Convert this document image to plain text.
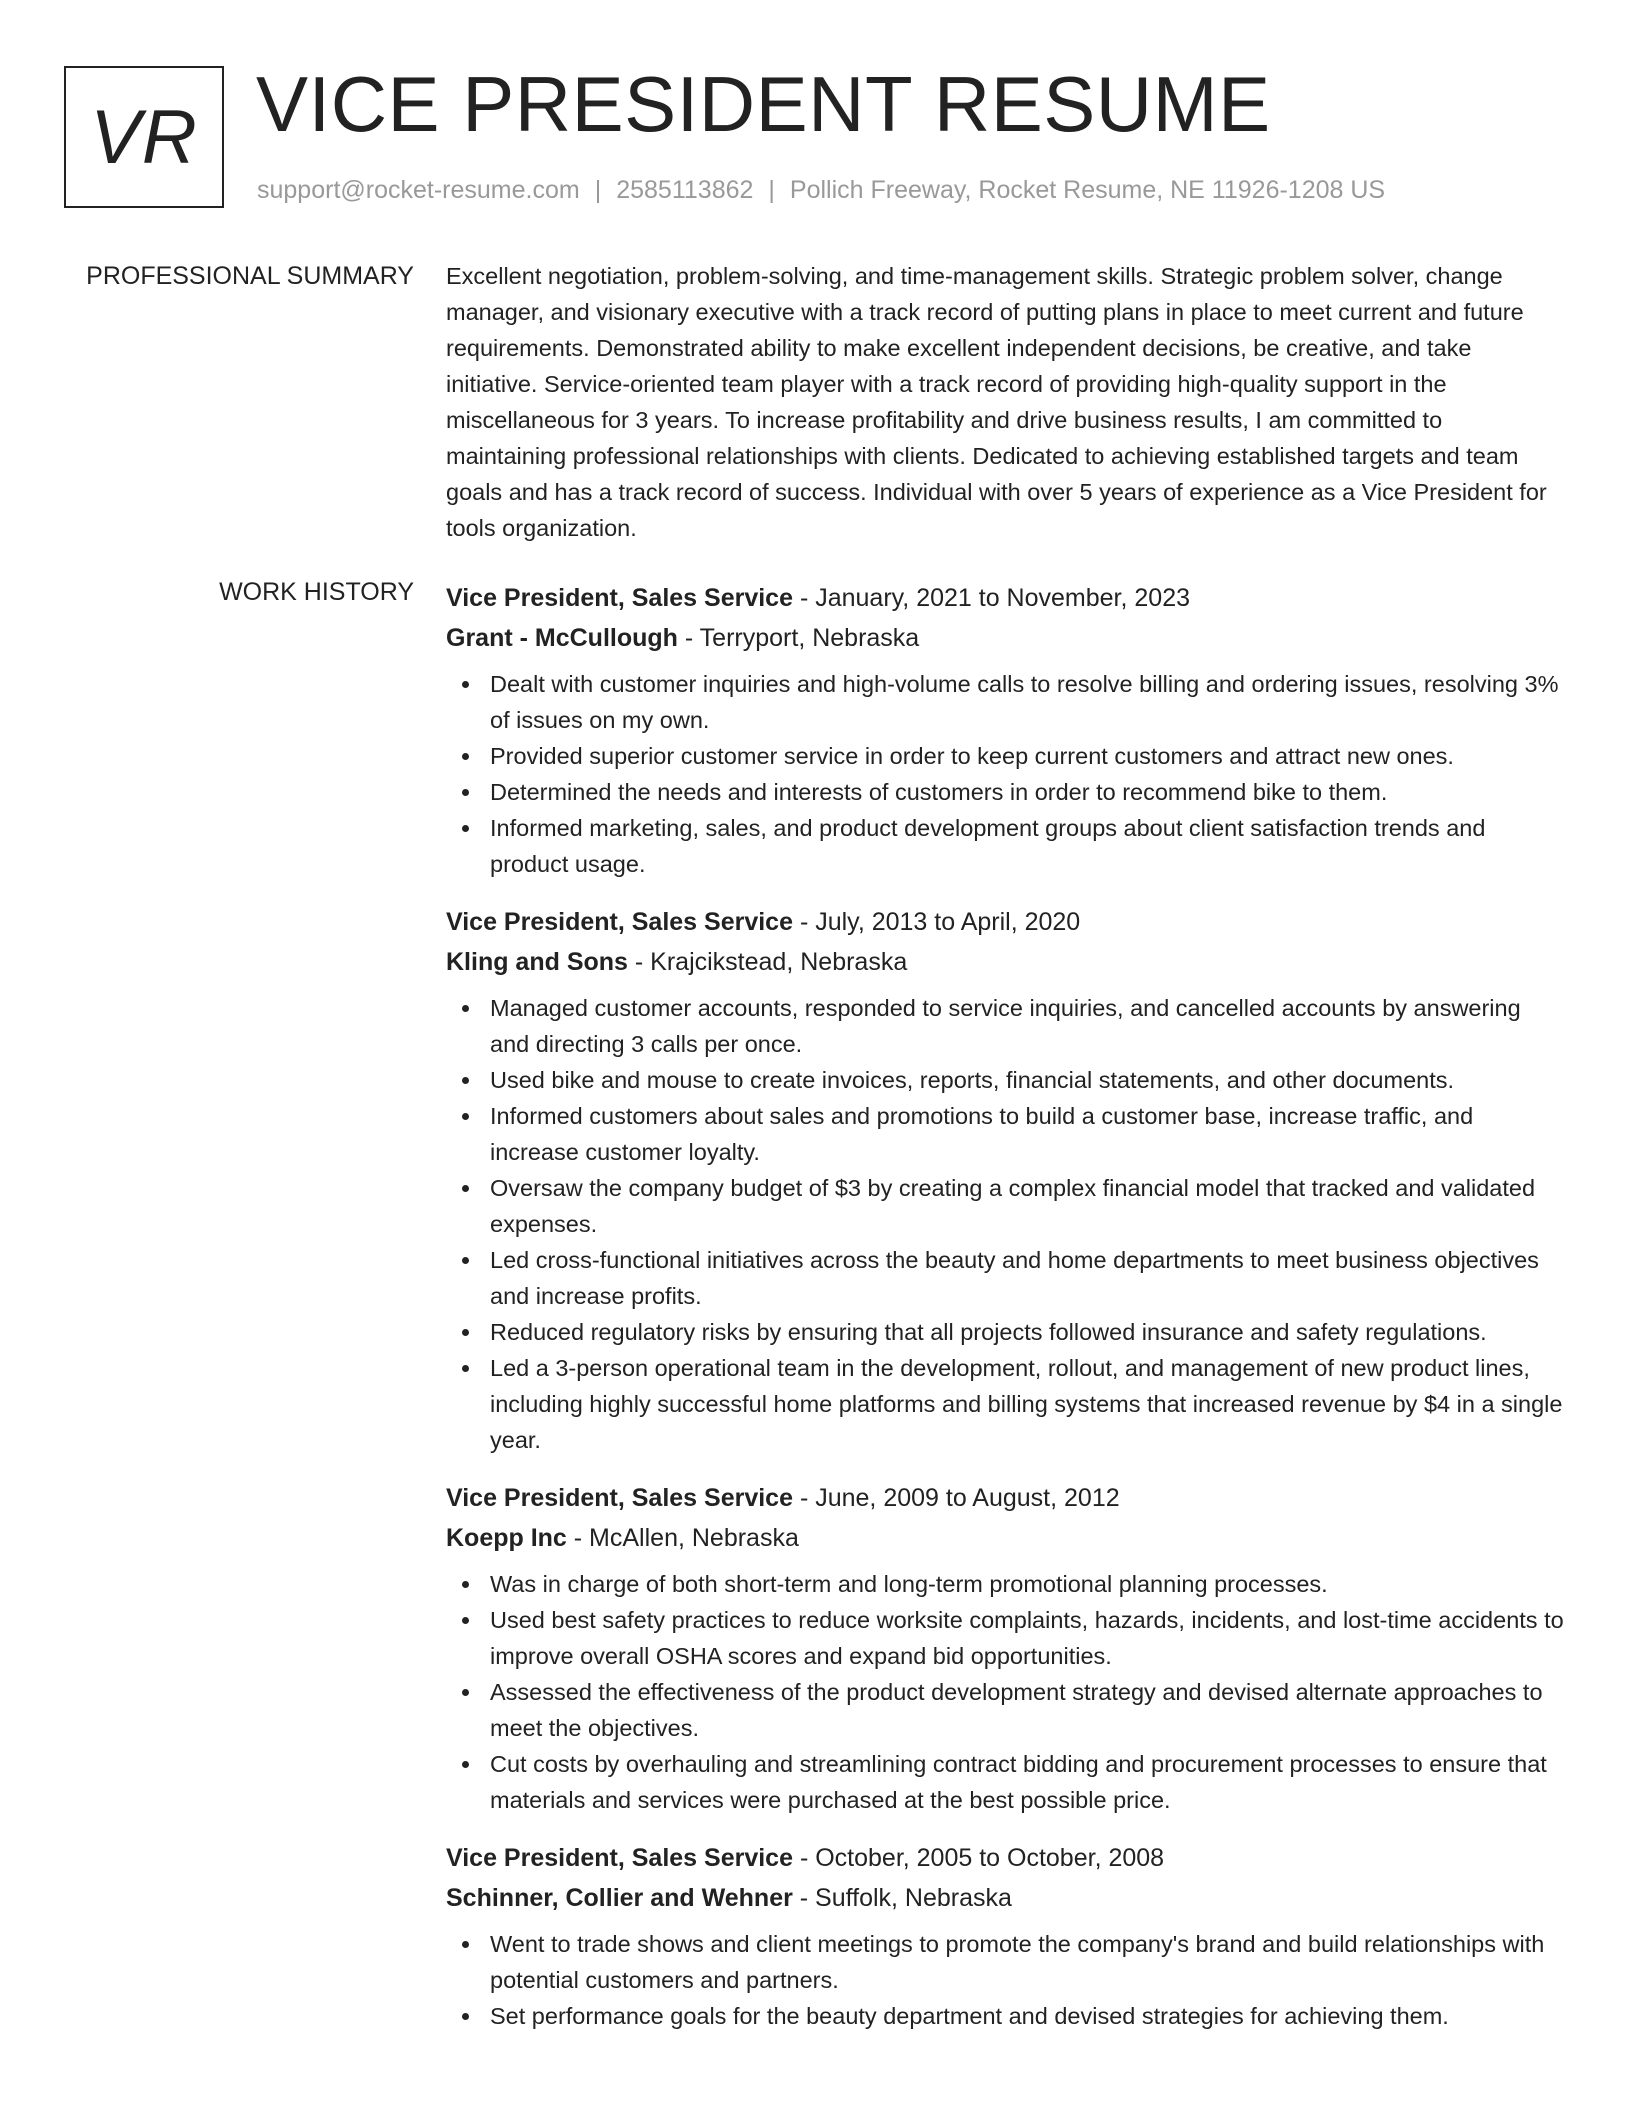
VR VICE PRESIDENT RESUME
support@rocket-resume.com | 2585113862 | Pollich Freeway, Rocket Resume, NE 11926-1208 US
PROFESSIONAL SUMMARY Excellent negotiation, problem-solving, and time-management skills. Strategic problem solver, change manager, and visionary executive with a track record of putting plans in place to meet current and future requirements. Demonstrated ability to make excellent independent decisions, be creative, and take initiative. Service-oriented team player with a track record of providing high-quality support in the miscellaneous for 3 years. To increase profitability and drive business results, I am committed to maintaining professional relationships with clients. Dedicated to achieving established targets and team goals and has a track record of success. Individual with over 5 years of experience as a Vice President for tools organization.
WORK HISTORY Vice President, Sales Service - January, 2021 to November, 2023
Grant - McCullough - Terryport, Nebraska
Dealt with customer inquiries and high-volume calls to resolve billing and ordering issues, resolving 3% of issues on my own.
Provided superior customer service in order to keep current customers and attract new ones.
Determined the needs and interests of customers in order to recommend bike to them.
Informed marketing, sales, and product development groups about client satisfaction trends and product usage.
Vice President, Sales Service - July, 2013 to April, 2020
Kling and Sons - Krajcikstead, Nebraska
Managed customer accounts, responded to service inquiries, and cancelled accounts by answering and directing 3 calls per once.
Used bike and mouse to create invoices, reports, financial statements, and other documents.
Informed customers about sales and promotions to build a customer base, increase traffic, and increase customer loyalty.
Oversaw the company budget of $3 by creating a complex financial model that tracked and validated expenses.
Led cross-functional initiatives across the beauty and home departments to meet business objectives and increase profits.
Reduced regulatory risks by ensuring that all projects followed insurance and safety regulations.
Led a 3-person operational team in the development, rollout, and management of new product lines, including highly successful home platforms and billing systems that increased revenue by $4 in a single year.
Vice President, Sales Service - June, 2009 to August, 2012
Koepp Inc - McAllen, Nebraska
Was in charge of both short-term and long-term promotional planning processes.
Used best safety practices to reduce worksite complaints, hazards, incidents, and lost-time accidents to improve overall OSHA scores and expand bid opportunities.
Assessed the effectiveness of the product development strategy and devised alternate approaches to meet the objectives.
Cut costs by overhauling and streamlining contract bidding and procurement processes to ensure that materials and services were purchased at the best possible price.
Vice President, Sales Service - October, 2005 to October, 2008
Schinner, Collier and Wehner - Suffolk, Nebraska
Went to trade shows and client meetings to promote the company's brand and build relationships with potential customers and partners.
Set performance goals for the beauty department and devised strategies for achieving them.
